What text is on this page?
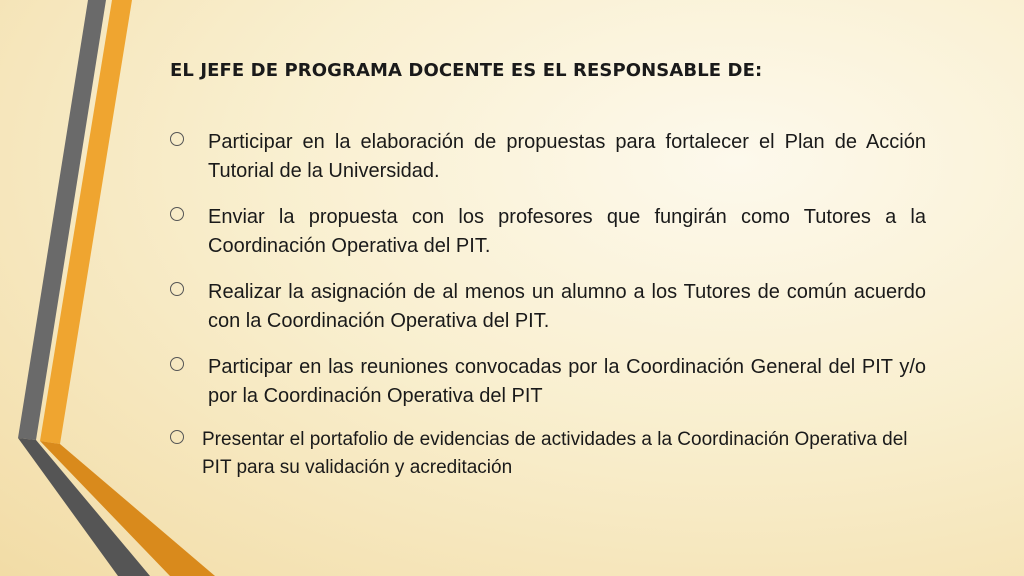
EL JEFE DE PROGRAMA DOCENTE ES EL RESPONSABLE DE:
Participar en la elaboración de propuestas para fortalecer el Plan de Acción Tutorial de la Universidad.
Enviar la propuesta con los profesores que fungirán como Tutores a la Coordinación Operativa del PIT.
Realizar la asignación de al menos un alumno a los Tutores de común acuerdo con la Coordinación Operativa del PIT.
Participar en las reuniones convocadas por la Coordinación General del PIT y/o por la Coordinación Operativa del PIT
Presentar el portafolio de evidencias de actividades a la Coordinación Operativa del PIT para su validación y acreditación
